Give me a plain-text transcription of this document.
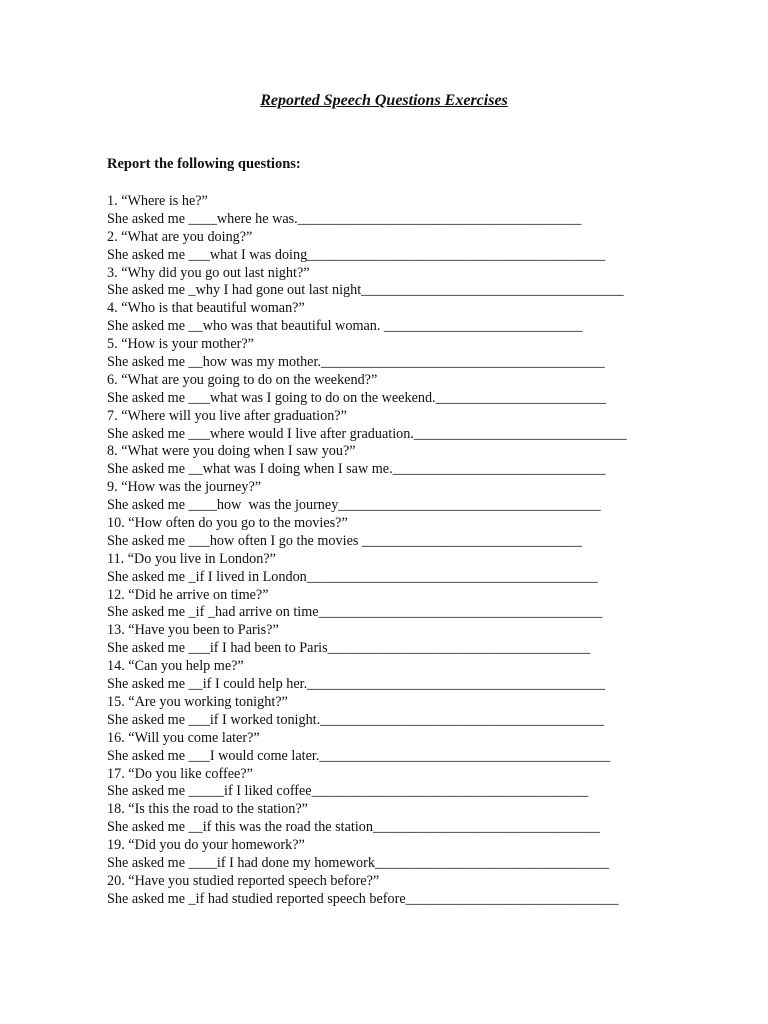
Reported Speech Questions Exercises

Report the following questions:

1. “Where is he?”
She asked me ____where he was.________________________________________
2. “What are you doing?”
She asked me ___what I was doing__________________________________________
3. “Why did you go out last night?”
She asked me _why I had gone out last night_____________________________________
4. “Who is that beautiful woman?”
She asked me __who was that beautiful woman. ____________________________
5. “How is your mother?”
She asked me __how was my mother.________________________________________
6. “What are you going to do on the weekend?”
She asked me ___what was I going to do on the weekend.________________________
7. “Where will you live after graduation?”
She asked me ___where would I live after graduation.______________________________
8. “What were you doing when I saw you?”
She asked me __what was I doing when I saw me.______________________________
9. “How was the journey?”
She asked me ____how  was the journey_____________________________________
10. “How often do you go to the movies?”
She asked me ___how often I go the movies _______________________________
11. “Do you live in London?”
She asked me _if I lived in London_________________________________________
12. “Did he arrive on time?”
She asked me _if _had arrive on time________________________________________
13. “Have you been to Paris?”
She asked me ___if I had been to Paris_____________________________________
14. “Can you help me?”
She asked me __if I could help her.__________________________________________
15. “Are you working tonight?”
She asked me ___if I worked tonight.________________________________________
16. “Will you come later?”
She asked me ___I would come later._________________________________________
17. “Do you like coffee?”
She asked me _____if I liked coffee_______________________________________
18. “Is this the road to the station?”
She asked me __if this was the road the station________________________________
19. “Did you do your homework?”
She asked me ____if I had done my homework_________________________________
20. “Have you studied reported speech before?”
She asked me _if had studied reported speech before______________________________
